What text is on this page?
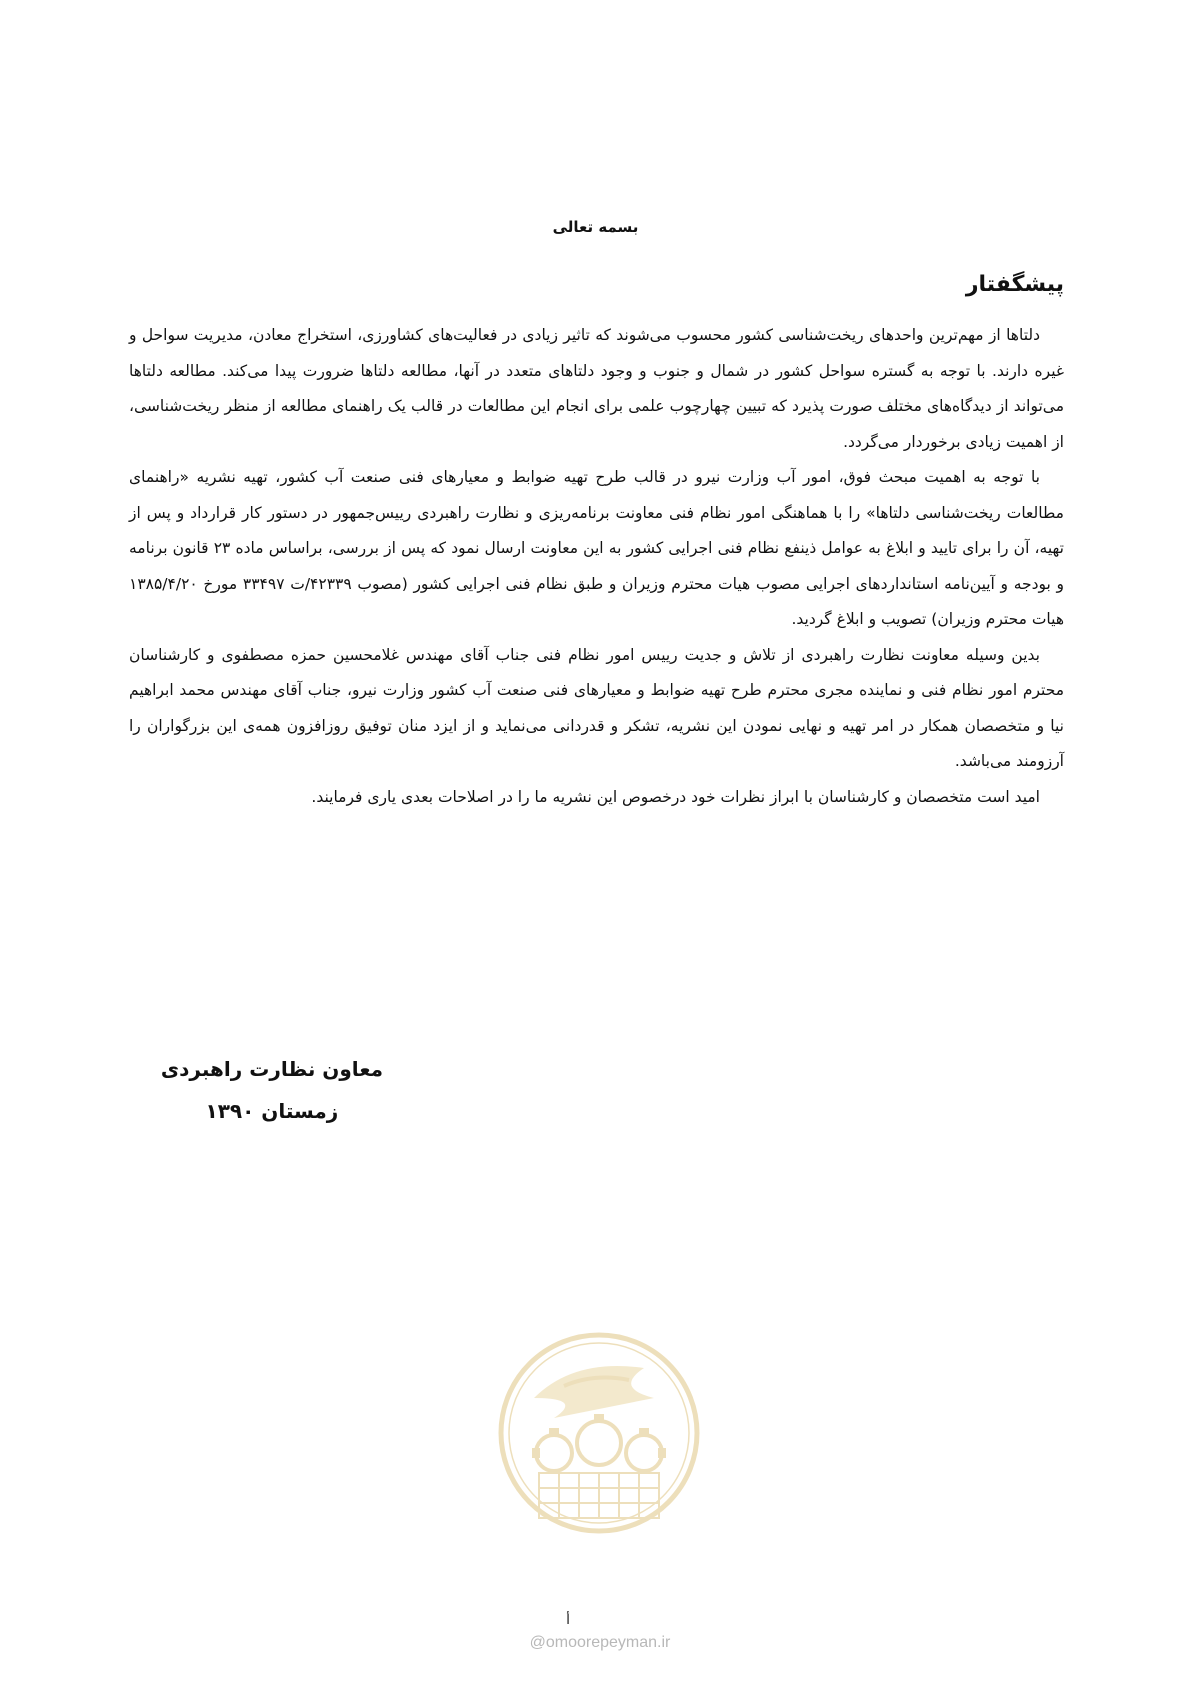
بسمه تعالی
پیشگفتار

دلتاها از مهم‌ترین واحدهای ریخت‌شناسی کشور محسوب می‌شوند که تاثیر زیادی در فعالیت‌های کشاورزی، استخراج معادن، مدیریت سواحل و غیره دارند. با توجه به گستره سواحل کشور در شمال و جنوب و وجود دلتاهای متعدد در آنها، مطالعه دلتاها ضرورت پیدا می‌کند. مطالعه دلتاها می‌تواند از دیدگاه‌های مختلف صورت پذیرد که تبیین چهارچوب علمی برای انجام این مطالعات در قالب یک راهنمای مطالعه از منظر ریخت‌شناسی، از اهمیت زیادی برخوردار می‌گردد.

با توجه به اهمیت مبحث فوق، امور آب وزارت نیرو در قالب طرح تهیه ضوابط و معیارهای فنی صنعت آب کشور، تهیه نشریه «راهنمای مطالعات ریخت‌شناسی دلتاها» را با هماهنگی امور نظام فنی معاونت برنامه‌ریزی و نظارت راهبردی رییس‌جمهور در دستور کار قرارداد و پس از تهیه، آن را برای تایید و ابلاغ به عوامل ذینفع نظام فنی اجرایی کشور به این معاونت ارسال نمود که پس از بررسی، براساس ماده ۲۳ قانون برنامه و بودجه و آیین‌نامه استانداردهای اجرایی مصوب هیات محترم وزیران و طبق نظام فنی اجرایی کشور (مصوب ۴۲۳۳۹/ت ۳۳۴۹۷ مورخ ۱۳۸۵/۴/۲۰ هیات محترم وزیران) تصویب و ابلاغ گردید.

بدین وسیله معاونت نظارت راهبردی از تلاش و جدیت رییس امور نظام فنی جناب آقای مهندس غلامحسین حمزه مصطفوی و کارشناسان محترم امور نظام فنی و نماینده مجری محترم طرح تهیه ضوابط و معیارهای فنی صنعت آب کشور وزارت نیرو، جناب آقای مهندس محمد ابراهیم نیا و متخصصان همکار در امر تهیه و نهایی نمودن این نشریه، تشکر و قدردانی می‌نماید و از ایزد منان توفیق روزافزون همه‌ی این بزرگواران را آرزومند می‌باشد.

امید است متخصصان و کارشناسان با ابراز نظرات خود درخصوص این نشریه ما را در اصلاحات بعدی یاری فرمایند.

معاون نظارت راهبردی
زمستان ۱۳۹۰
أ
@omoorepeyman.ir
